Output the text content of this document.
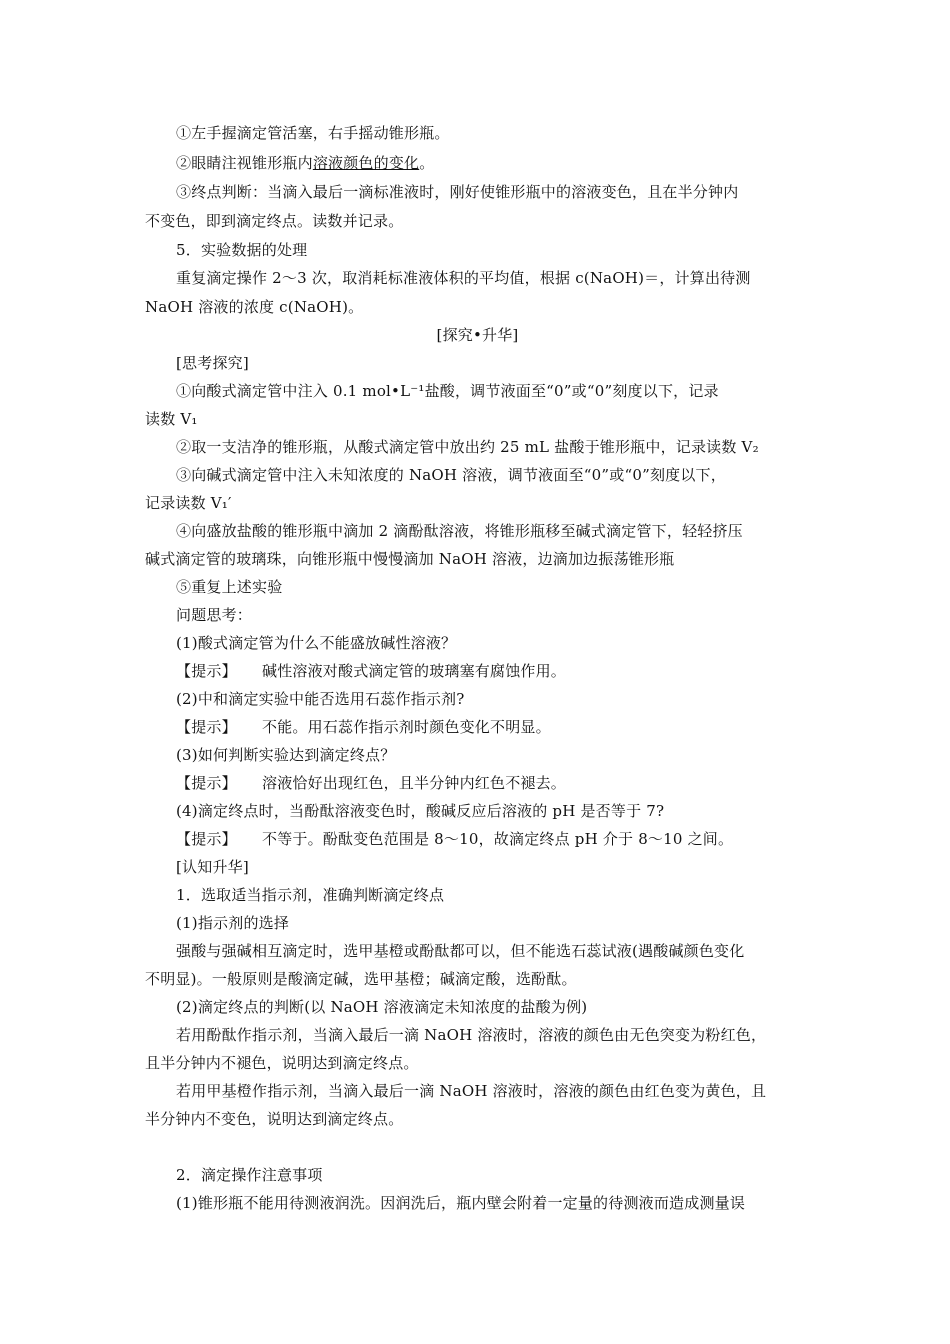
①左手握滴定管活塞，右手摇动锥形瓶。
②眼睛注视锥形瓶内溶液颜色的变化。
③终点判断：当滴入最后一滴标准液时，刚好使锥形瓶中的溶液变色，且在半分钟内
不变色，即到滴定终点。读数并记录。
5．实验数据的处理
重复滴定操作 2～3 次，取消耗标准液体积的平均值，根据 c(NaOH)＝，计算出待测
NaOH 溶液的浓度 c(NaOH)。
[探究•升华]
[思考探究]
①向酸式滴定管中注入 0.1 mol•L⁻¹盐酸，调节液面至“0”或“0”刻度以下，记录
读数 V₁
②取一支洁净的锥形瓶，从酸式滴定管中放出约 25 mL 盐酸于锥形瓶中，记录读数 V₂
③向碱式滴定管中注入未知浓度的 NaOH 溶液，调节液面至“0”或“0”刻度以下，
记录读数 V₁′
④向盛放盐酸的锥形瓶中滴加 2 滴酚酞溶液，将锥形瓶移至碱式滴定管下，轻轻挤压
碱式滴定管的玻璃珠，向锥形瓶中慢慢滴加 NaOH 溶液，边滴加边振荡锥形瓶
⑤重复上述实验
问题思考：
(1)酸式滴定管为什么不能盛放碱性溶液？
【提示】 碱性溶液对酸式滴定管的玻璃塞有腐蚀作用。
(2)中和滴定实验中能否选用石蕊作指示剂?
【提示】 不能。用石蕊作指示剂时颜色变化不明显。
(3)如何判断实验达到滴定终点？
【提示】 溶液恰好出现红色，且半分钟内红色不褪去。
(4)滴定终点时，当酚酞溶液变色时，酸碱反应后溶液的 pH 是否等于 7?
【提示】 不等于。酚酞变色范围是 8～10，故滴定终点 pH 介于 8～10 之间。
[认知升华]
1．选取适当指示剂，准确判断滴定终点
(1)指示剂的选择
强酸与强碱相互滴定时，选甲基橙或酚酞都可以，但不能选石蕊试液(遇酸碱颜色变化
不明显)。一般原则是酸滴定碱，选甲基橙；碱滴定酸，选酚酞。
(2)滴定终点的判断(以 NaOH 溶液滴定未知浓度的盐酸为例)
若用酚酞作指示剂，当滴入最后一滴 NaOH 溶液时，溶液的颜色由无色突变为粉红色，
且半分钟内不褪色，说明达到滴定终点。
若用甲基橙作指示剂，当滴入最后一滴 NaOH 溶液时，溶液的颜色由红色变为黄色，且
半分钟内不变色，说明达到滴定终点。
2．滴定操作注意事项
(1)锥形瓶不能用待测液润洗。因润洗后，瓶内壁会附着一定量的待测液而造成测量误
